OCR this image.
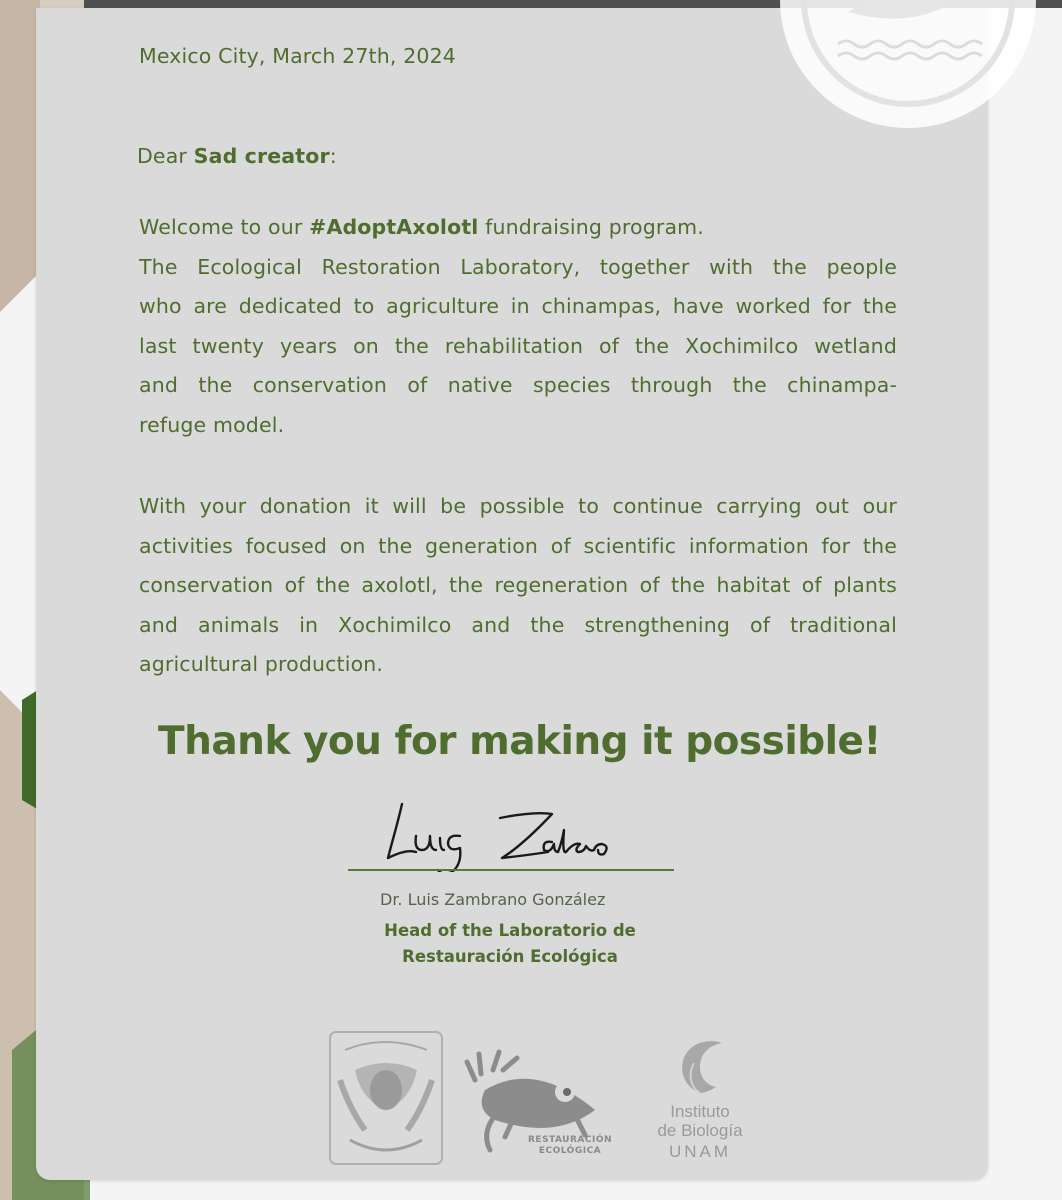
Mexico City, March 27th, 2024
Dear Sad creator:
Welcome to our #AdoptAxolotl fundraising program.
The Ecological Restoration Laboratory, together with the people
who are dedicated to agriculture in chinampas, have worked for the
last twenty years on the rehabilitation of the Xochimilco wetland
and the conservation of native species through the chinampa-
refuge model.
With your donation it will be possible to continue carrying out our
activities focused on the generation of scientific information for the
conservation of the axolotl, the regeneration of the habitat of plants
and animals in Xochimilco and the strengthening of traditional
agricultural production.
Thank you for making it possible!
Dr. Luis Zambrano González
Head of the Laboratorio de
Restauración Ecológica
RESTAURACIÓN
ECOLÓGICA
Instituto
de Biología
UNAM
